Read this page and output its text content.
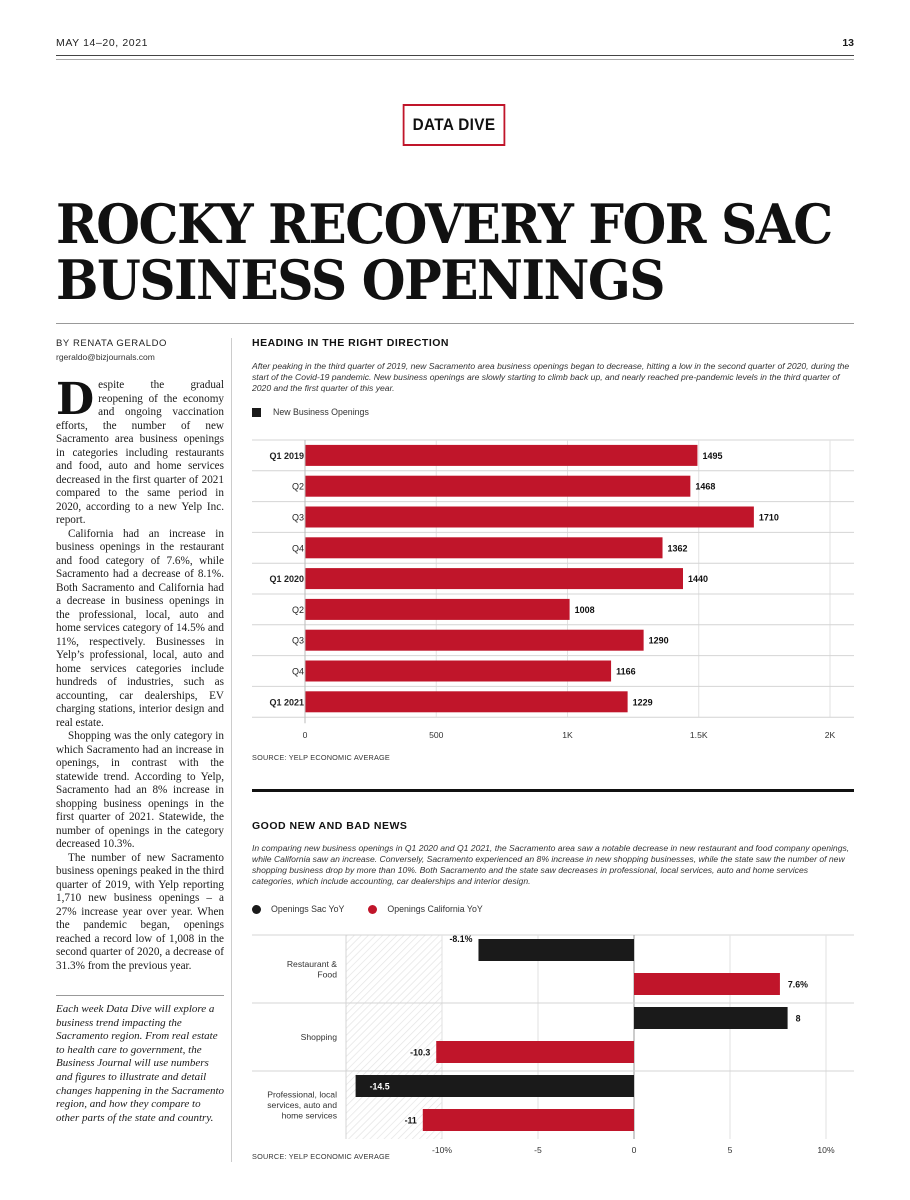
MAY 14–20, 2021	13
DATA DIVE
ROCKY RECOVERY FOR SAC
BUSINESS OPENINGS
BY RENATA GERALDO
rgeraldo@bizjournals.com

Despite the gradual reopening of the economy and ongoing vaccination efforts, the number of new Sacramento area business openings in categories including restaurants and food, auto and home services decreased in the first quarter of 2021 compared to the same period in 2020, according to a new Yelp Inc. report.

California had an increase in business openings in the restaurant and food category of 7.6%, while Sacramento had a decrease of 8.1%. Both Sacramento and California had a decrease in business openings in the professional, local, auto and home services category of 14.5% and 11%, respectively. Businesses in Yelp’s professional, local, auto and home services categories include hundreds of industries, such as accounting, car dealerships, EV charging stations, interior design and real estate.

Shopping was the only category in which Sacramento had an increase in openings, in contrast with the statewide trend. According to Yelp, Sacramento had an 8% increase in shopping business openings in the first quarter of 2021. Statewide, the number of openings in the category decreased 10.3%.

The number of new Sacramento business openings peaked in the third quarter of 2019, with Yelp reporting 1,710 new business openings – a 27% increase year over year. When the pandemic began, openings reached a record low of 1,008 in the second quarter of 2020, a decrease of 31.3% from the previous year.

Each week Data Dive will explore a business trend impacting the Sacramento region. From real estate to health care to government, the Business Journal will use numbers and figures to illustrate and detail changes happening in the Sacramento region, and how they compare to other parts of the state and country.
HEADING IN THE RIGHT DIRECTION
After peaking in the third quarter of 2019, new Sacramento area business openings began to decrease, hitting a low in the second quarter of 2020, during the start of the Covid-19 pandemic. New business openings are slowly starting to climb back up, and nearly reached pre-pandemic levels in the third quarter of 2020 and the first quarter of this year.
New Business Openings
Q1 2019	1495
Q2	1468
Q3	1710
Q4	1362
Q1 2020	1440
Q2	1008
Q3	1290
Q4	1166
Q1 2021	1229
0	500	1K	1.5K	2K
SOURCE: YELP ECONOMIC AVERAGE
GOOD NEW AND BAD NEWS
In comparing new business openings in Q1 2020 and Q1 2021, the Sacramento area saw a notable decrease in new restaurant and food company openings, while California saw an increase. Conversely, Sacramento experienced an 8% increase in new shopping businesses, while the state saw the number of new shopping business drop by more than 10%. Both Sacramento and the state saw decreases in professional, local services, auto and home services categories, which include accounting, car dealerships and interior design.
Openings Sac YoY	Openings California YoY
Restaurant & Food
-8.1%
7.6%
Shopping
8
-10.3
Professional, local services, auto and home services
-14.5
-11
-10%	-5	0	5	10%
SOURCE: YELP ECONOMIC AVERAGE
